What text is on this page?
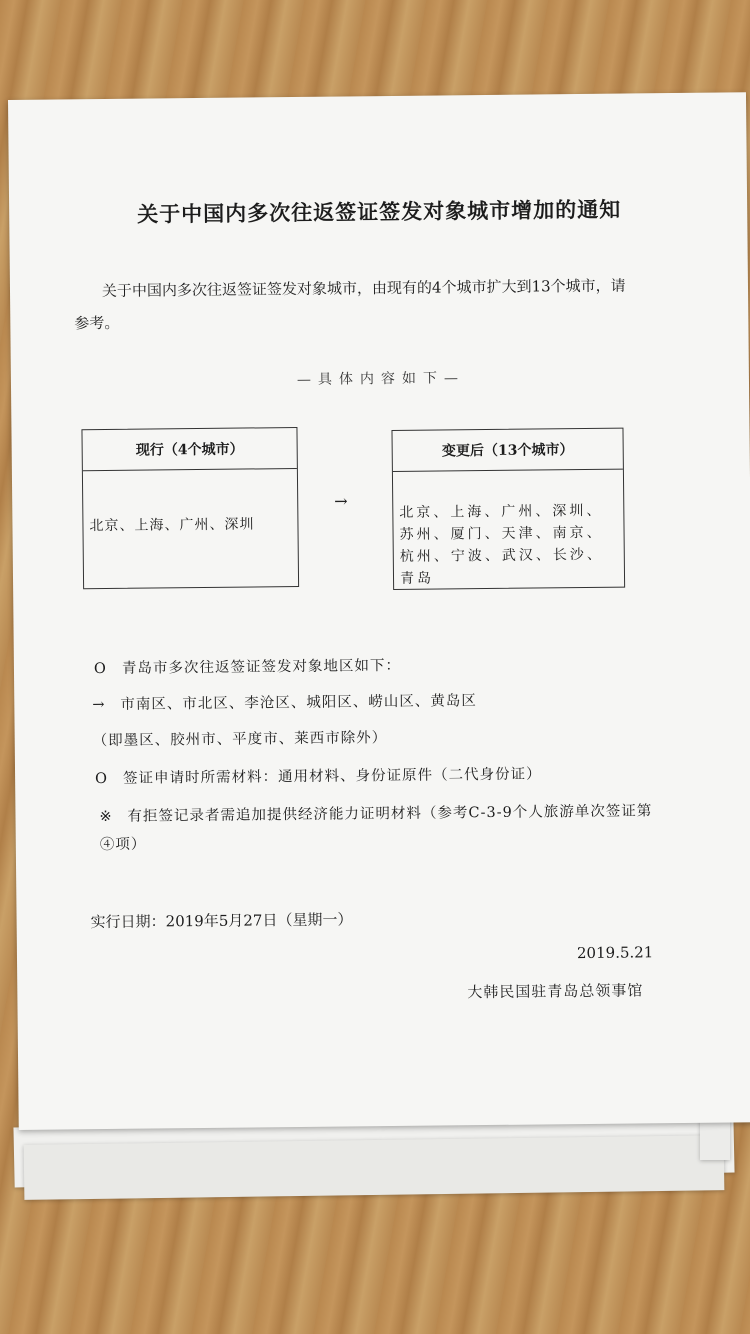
关于中国内多次往返签证签发对象城市增加的通知
关于中国内多次往返签证签发对象城市，由现有的4个城市扩大到13个城市，请参考。
—具体内容如下—
现行（4个城市）
北京、上海、广州、深圳
→
变更后（13个城市）
北京、上海、广州、深圳、苏州、厦门、天津、南京、杭州、宁波、武汉、长沙、青岛
O 青岛市多次往返签证签发对象地区如下：
→ 市南区、市北区、李沧区、城阳区、崂山区、黄岛区
（即墨区、胶州市、平度市、莱西市除外）
O 签证申请时所需材料：通用材料、身份证原件（二代身份证）
※ 有拒签记录者需追加提供经济能力证明材料（参考C-3-9个人旅游单次签证第④项）
实行日期：2019年5月27日（星期一）
2019.5.21
大韩民国驻青岛总领事馆
